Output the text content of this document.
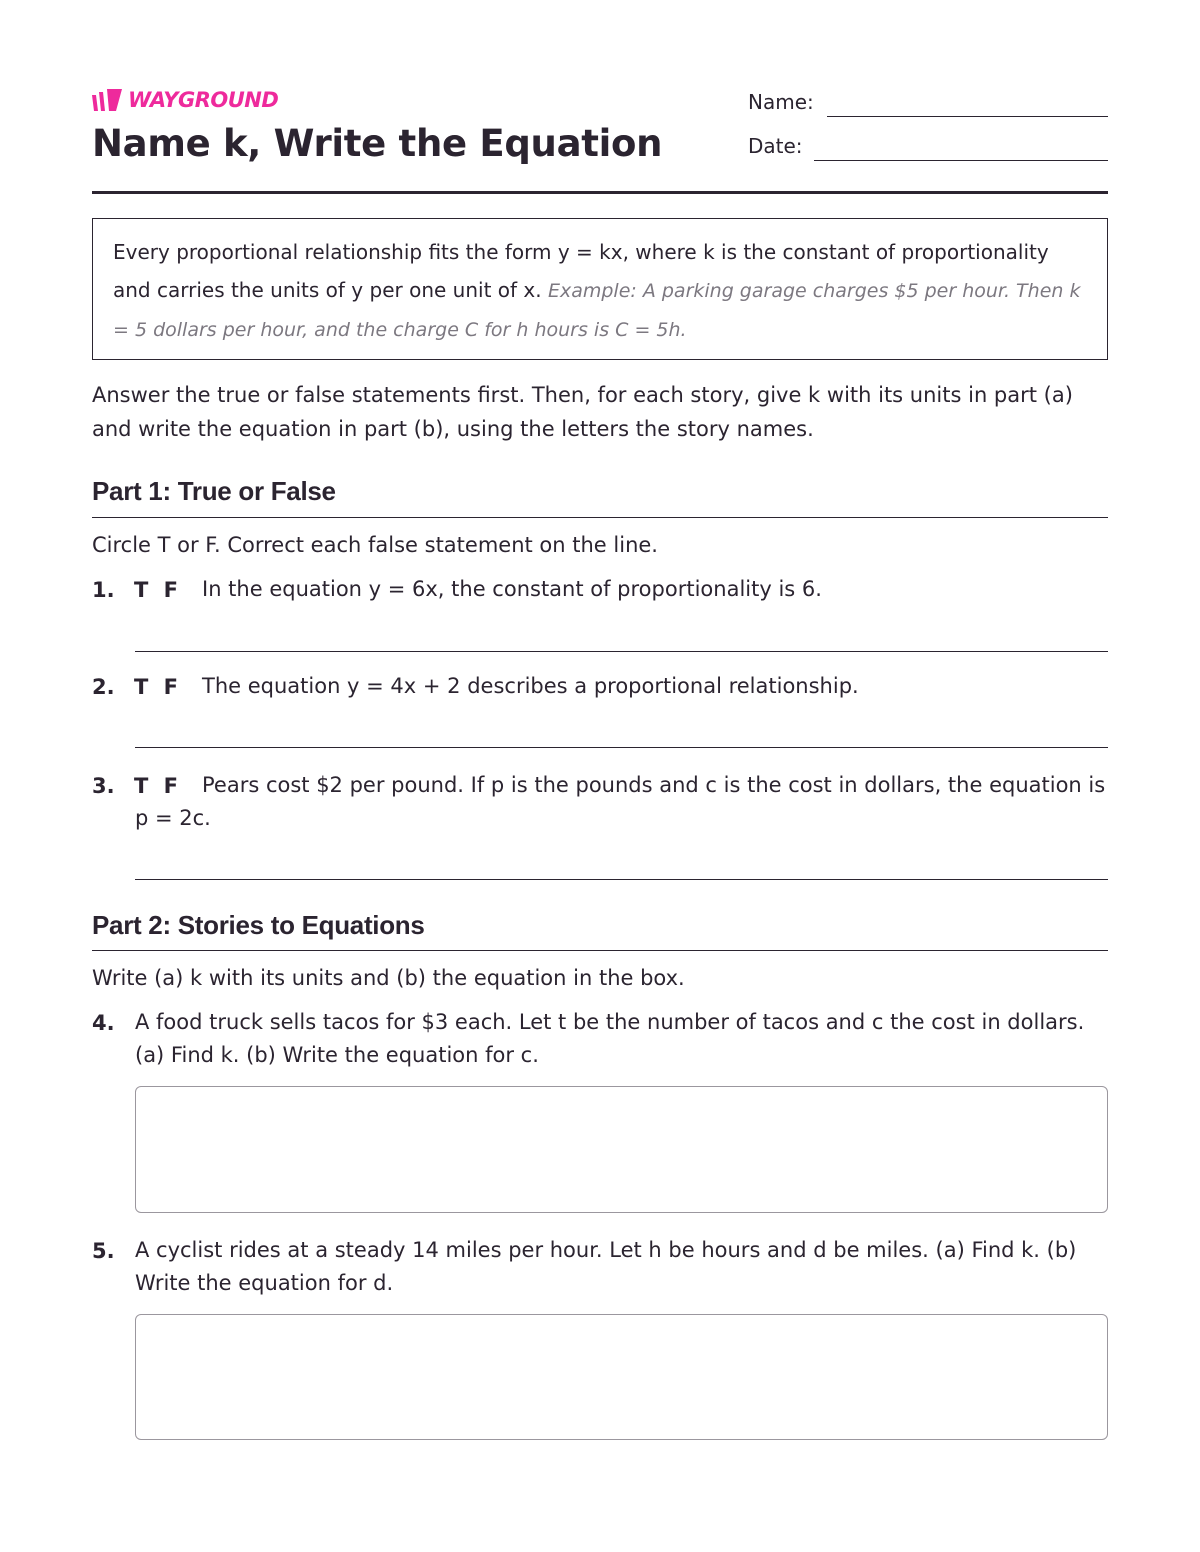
WAYGROUND
Name k, Write the Equation
Name:
Date:
Every proportional relationship fits the form y = kx, where k is the constant of proportionality and carries the units of y per one unit of x. Example: A parking garage charges $5 per hour. Then k = 5 dollars per hour, and the charge C for h hours is C = 5h.
Answer the true or false statements first. Then, for each story, give k with its units in part (a) and write the equation in part (b), using the letters the story names.
Part 1: True or False
Circle T or F. Correct each false statement on the line.
1. T F In the equation y = 6x, the constant of proportionality is 6.
2. T F The equation y = 4x + 2 describes a proportional relationship.
3. T F Pears cost $2 per pound. If p is the pounds and c is the cost in dollars, the equation is p = 2c.
Part 2: Stories to Equations
Write (a) k with its units and (b) the equation in the box.
4. A food truck sells tacos for $3 each. Let t be the number of tacos and c the cost in dollars. (a) Find k. (b) Write the equation for c.
5. A cyclist rides at a steady 14 miles per hour. Let h be hours and d be miles. (a) Find k. (b) Write the equation for d.
